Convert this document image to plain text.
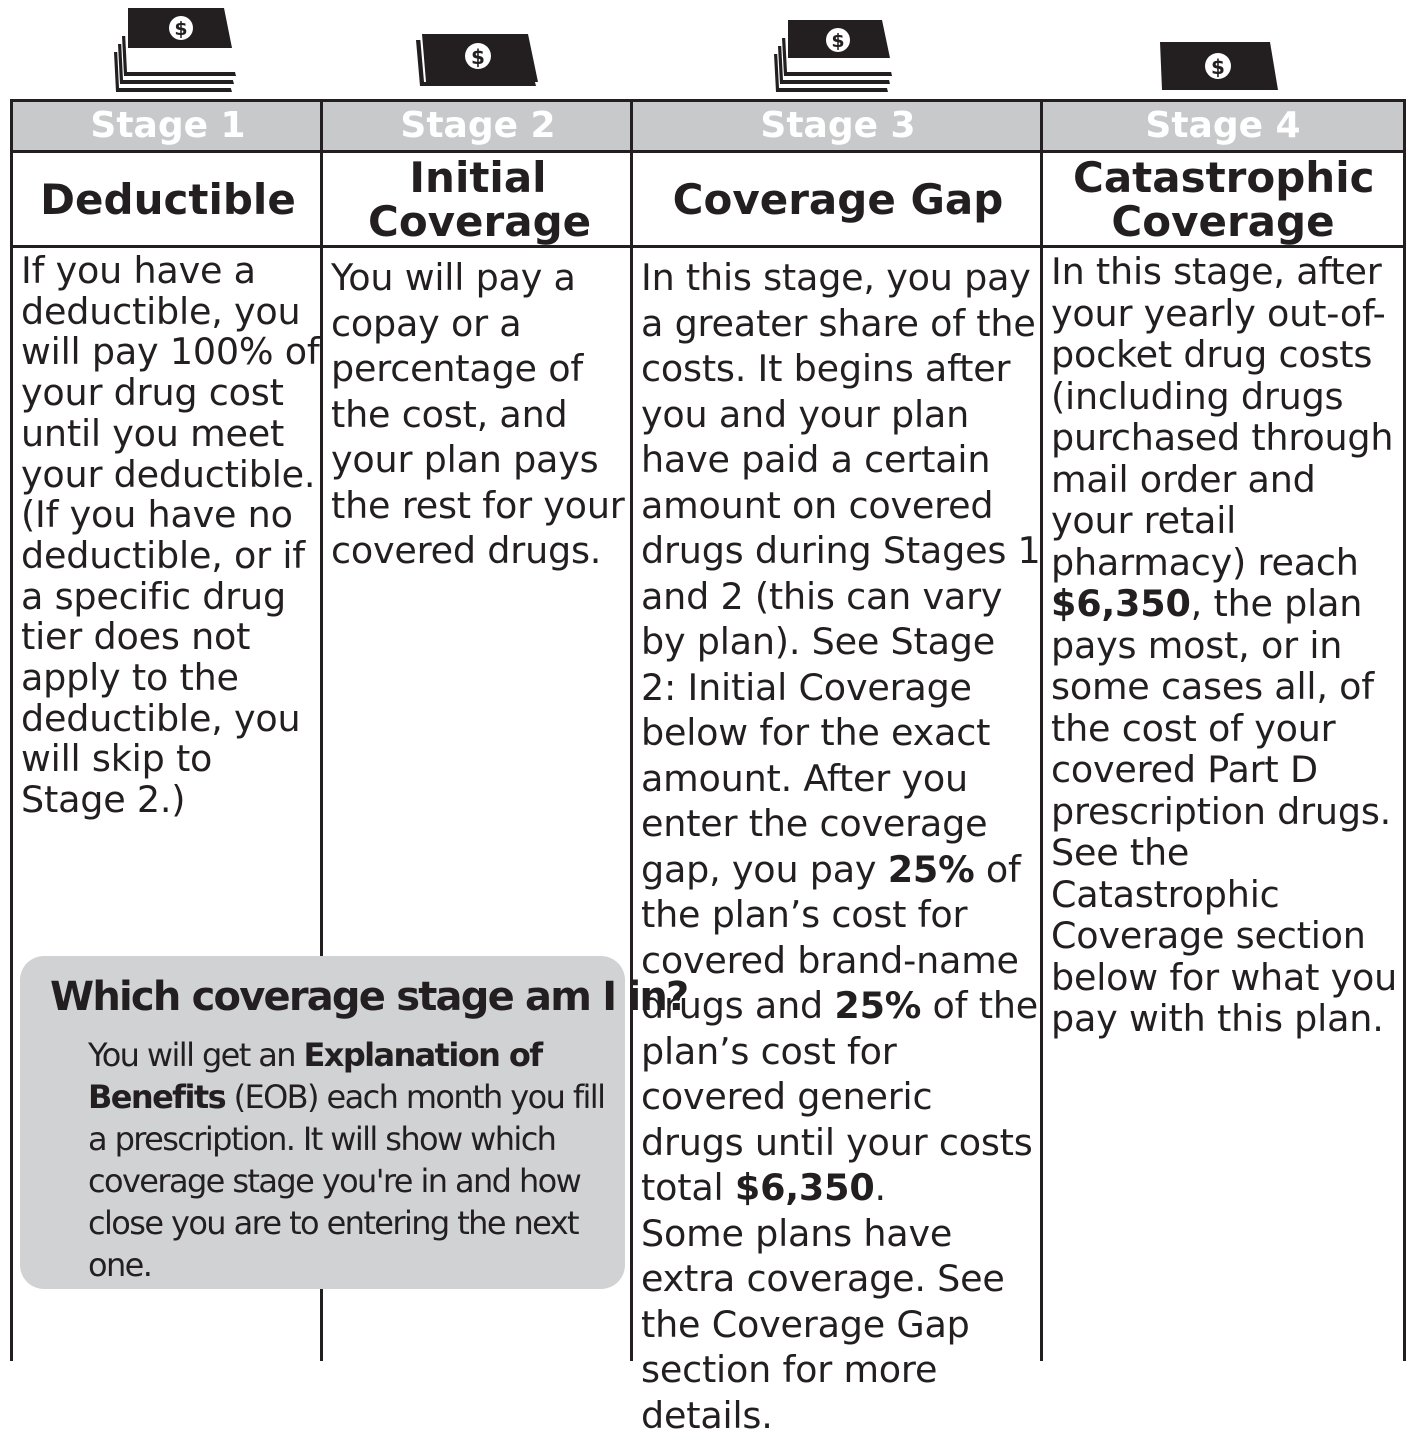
$
$
$
$
Stage 1
Deductible
If you have a deductible, you will pay 100% of your drug cost until you meet your deductible. (If you have no deductible, or if a specific drug tier does not apply to the deductible, you will skip to Stage 2.)
Stage 2
Initial Coverage
You will pay a copay or a percentage of the cost, and your plan pays the rest for your covered drugs.
Stage 3
Coverage Gap
In this stage, you pay a greater share of the costs. It begins after you and your plan have paid a certain amount on covered drugs during Stages 1 and 2 (this can vary by plan). See Stage 2: Initial Coverage below for the exact amount. After you enter the coverage gap, you pay 25% of the plan’s cost for covered brand-name drugs and 25% of the plan’s cost for covered generic drugs until your costs total $6,350.
Some plans have extra coverage. See the Coverage Gap section for more details.
Stage 4
Catastrophic Coverage
In this stage, after your yearly out-of-pocket drug costs (including drugs purchased through mail order and your retail pharmacy) reach $6,350, the plan pays most, or in some cases all, of the cost of your covered Part D prescription drugs. See the Catastrophic Coverage section below for what you pay with this plan.
Which coverage stage am I in?
You will get an Explanation of Benefits (EOB) each month you fill a prescription. It will show which coverage stage you're in and how close you are to entering the next one.
